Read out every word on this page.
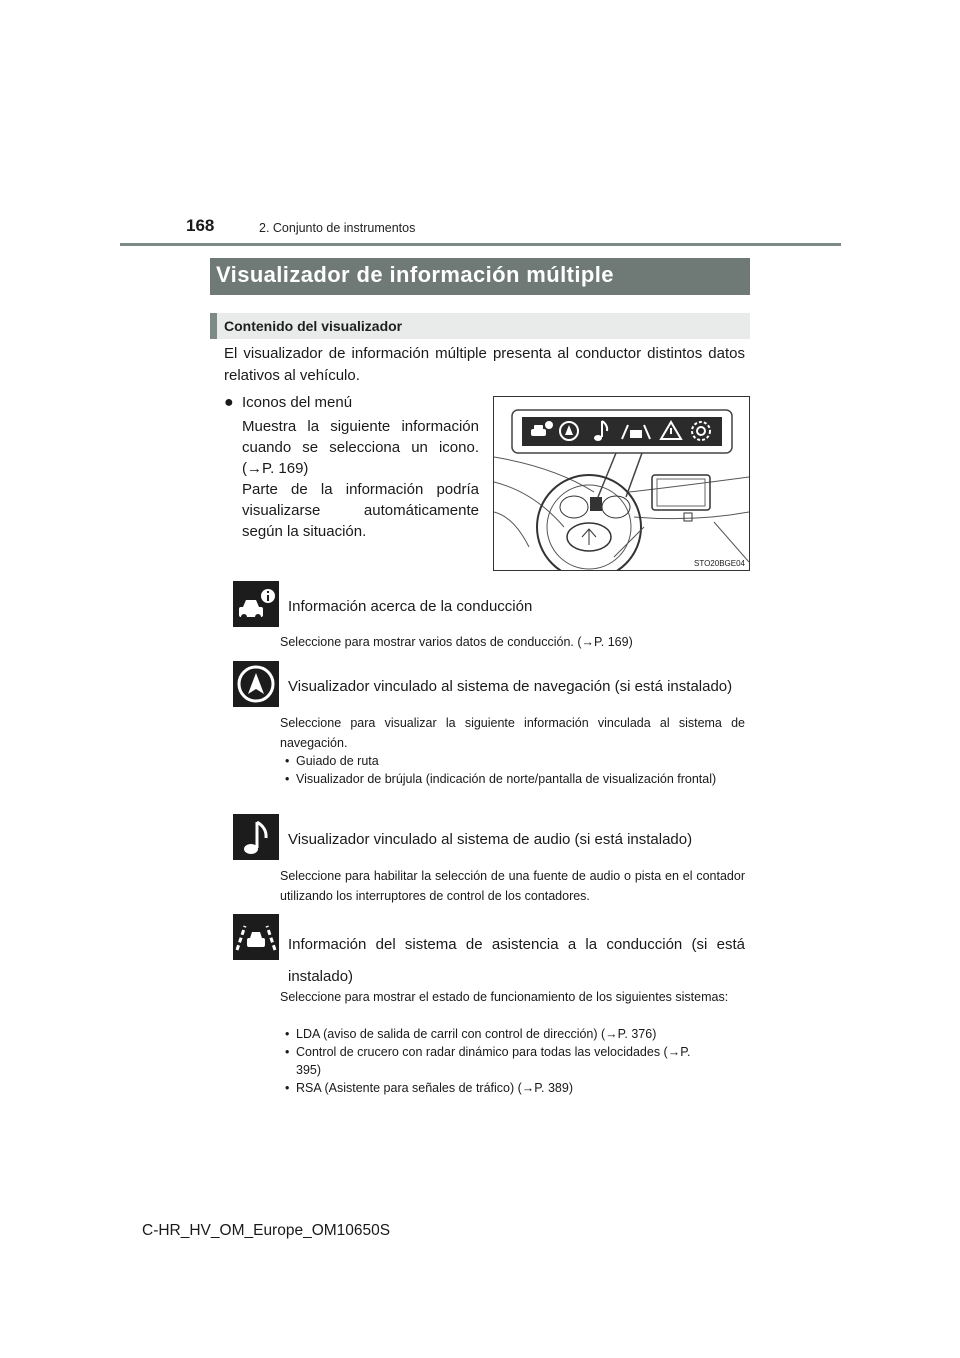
168	2. Conjunto de instrumentos
Visualizador de información múltiple
Contenido del visualizador
El visualizador de información múltiple presenta al conductor distintos datos relativos al vehículo.
● Iconos del menú

Muestra la siguiente información cuando se selecciona un icono. (→P. 169)

Parte de la información podría visualizarse automáticamente según la situación.

STO20BGE04
Información acerca de la conducción
Seleccione para mostrar varios datos de conducción. (→P. 169)
Visualizador vinculado al sistema de navegación (si está instalado)
Seleccione para visualizar la siguiente información vinculada al sistema de navegación.
• Guiado de ruta
• Visualizador de brújula (indicación de norte/pantalla de visualización frontal)
Visualizador vinculado al sistema de audio (si está instalado)
Seleccione para habilitar la selección de una fuente de audio o pista en el contador utilizando los interruptores de control de los contadores.
Información del sistema de asistencia a la conducción (si está instalado)
Seleccione para mostrar el estado de funcionamiento de los siguientes sistemas:
• LDA (aviso de salida de carril con control de dirección) (→P. 376)
• Control de crucero con radar dinámico para todas las velocidades (→P. 395)
• RSA (Asistente para señales de tráfico) (→P. 389)
C-HR_HV_OM_Europe_OM10650S
